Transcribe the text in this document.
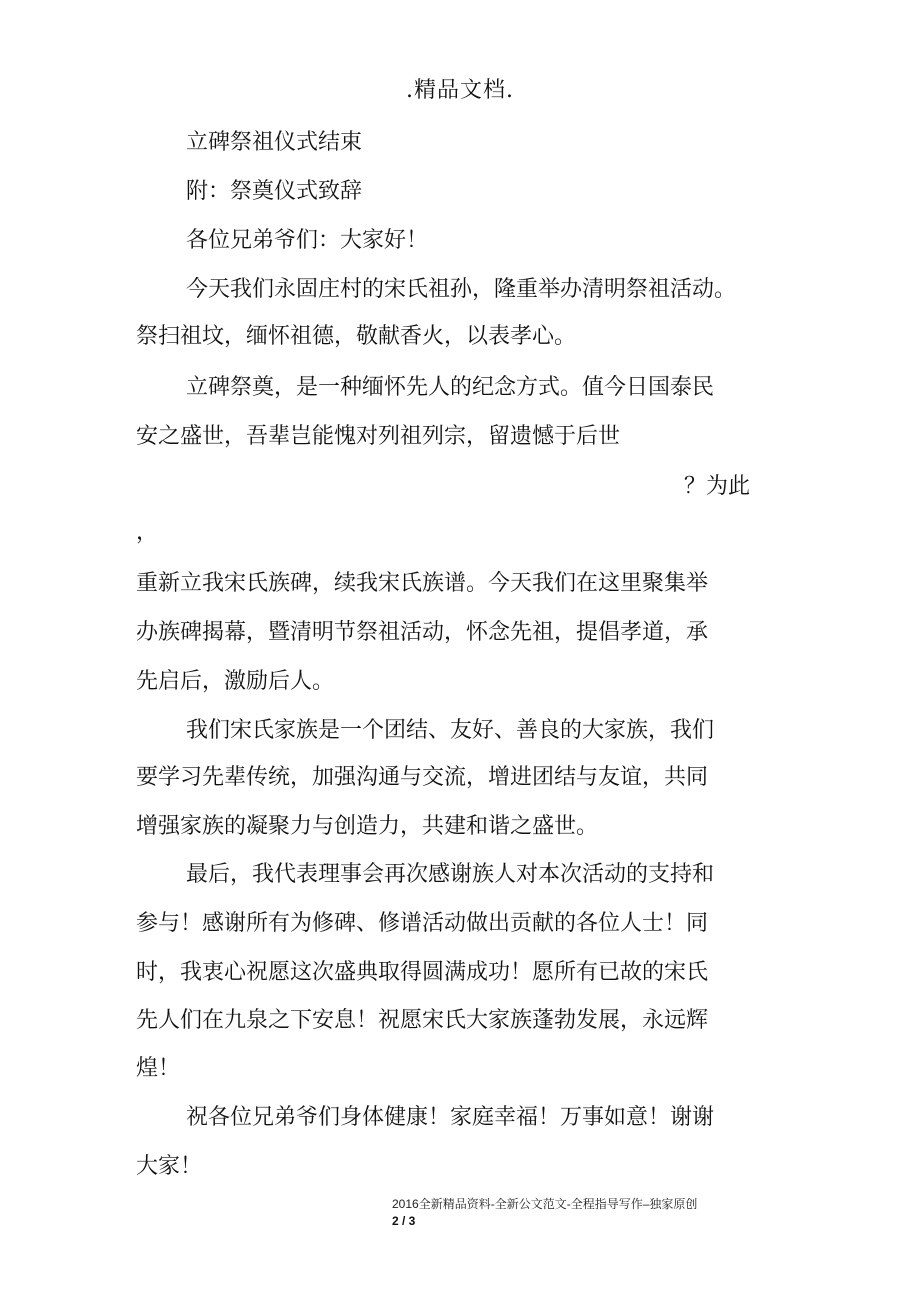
.精品文档.
立碑祭祖仪式结束
附：祭奠仪式致辞
各位兄弟爷们：大家好！
今天我们永固庄村的宋氏祖孙，隆重举办清明祭祖活动。
祭扫祖坟，缅怀祖德，敬献香火，以表孝心。
立碑祭奠，是一种缅怀先人的纪念方式。值今日国泰民
安之盛世，吾辈岂能愧对列祖列宗，留遗憾于后世
？为此
，
重新立我宋氏族碑，续我宋氏族谱。今天我们在这里聚集举
办族碑揭幕，暨清明节祭祖活动，怀念先祖，提倡孝道，承
先启后，激励后人。
我们宋氏家族是一个团结、友好、善良的大家族，我们
要学习先辈传统，加强沟通与交流，增进团结与友谊，共同
增强家族的凝聚力与创造力，共建和谐之盛世。
最后，我代表理事会再次感谢族人对本次活动的支持和
参与！感谢所有为修碑、修谱活动做出贡献的各位人士！同
时，我衷心祝愿这次盛典取得圆满成功！愿所有已故的宋氏
先人们在九泉之下安息！祝愿宋氏大家族蓬勃发展，永远辉
煌！
祝各位兄弟爷们身体健康！家庭幸福！万事如意！谢谢
大家！
2016全新精品资料-全新公文范文-全程指导写作–独家原创
2 / 3
